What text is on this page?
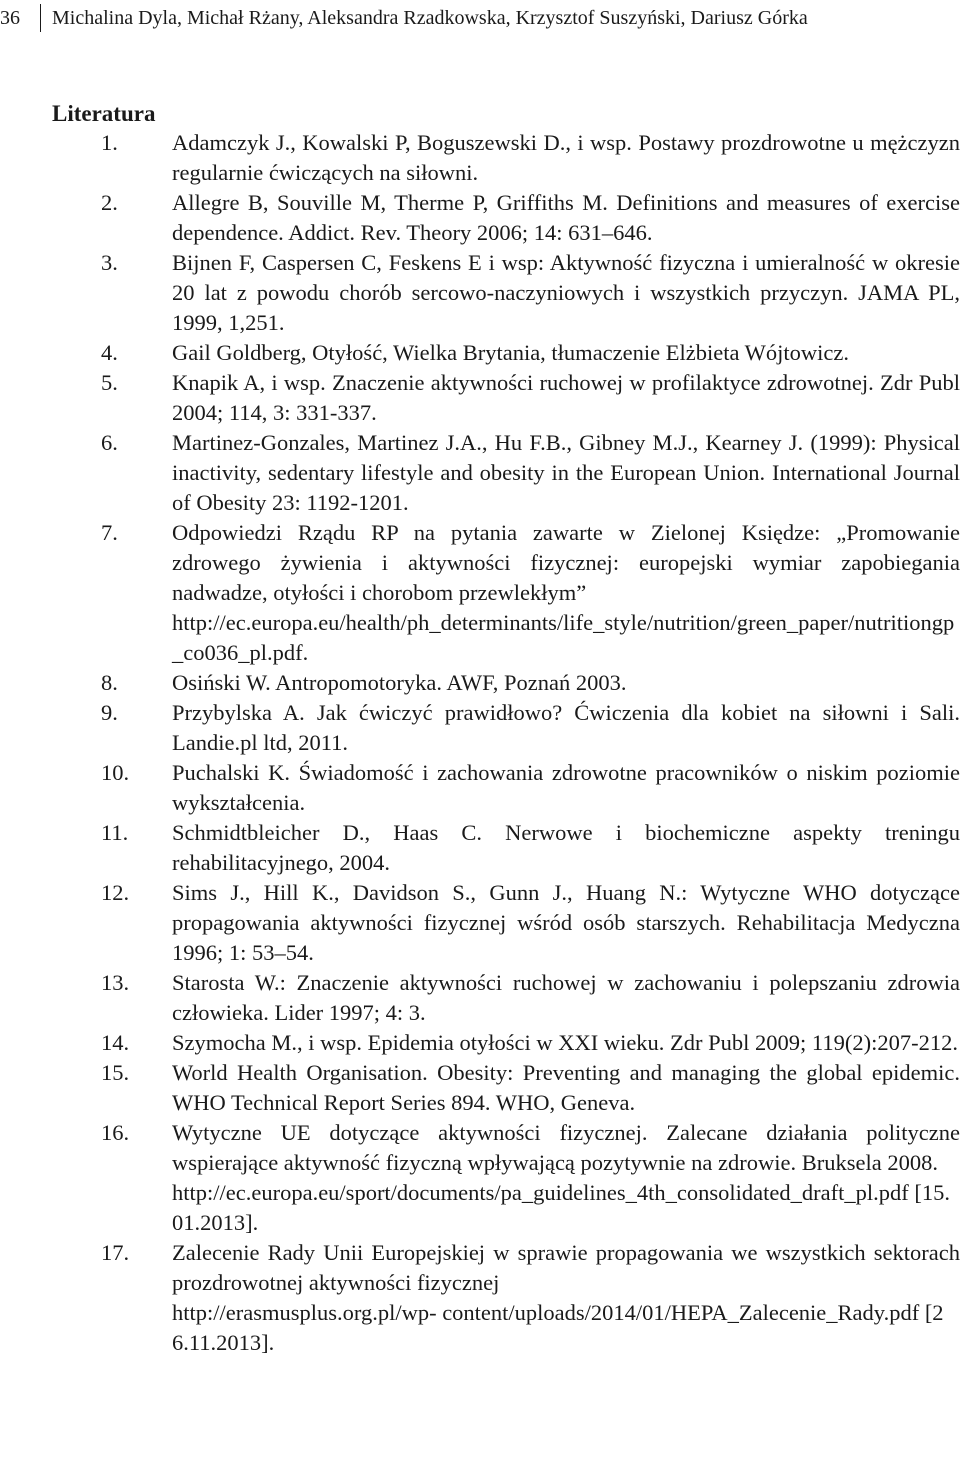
36 Michalina Dyla, Michał Rżany, Aleksandra Rzadkowska, Krzysztof Suszyński, Dariusz Górka
Literatura
1.	Adamczyk J., Kowalski P, Boguszewski D., i wsp. Postawy prozdrowotne u mężczyzn regularnie ćwiczących na siłowni.
2.	Allegre B, Souville M, Therme P, Griffiths M. Definitions and measures of exercise dependence. Addict. Rev. Theory 2006; 14: 631–646.
3.	Bijnen F, Caspersen C, Feskens E i wsp: Aktywność fizyczna i umieralność w okresie 20 lat z powodu chorób sercowo-naczyniowych i wszystkich przyczyn. JAMA PL, 1999, 1,251.
4.	Gail Goldberg, Otyłość, Wielka Brytania, tłumaczenie Elżbieta Wójtowicz.
5.	Knapik A, i wsp. Znaczenie aktywności ruchowej w profilaktyce zdrowotnej. Zdr Publ 2004; 114, 3: 331-337.
6.	Martinez-Gonzales, Martinez J.A., Hu F.B., Gibney M.J., Kearney J. (1999): Physical inactivity, sedentary lifestyle and obesity in the European Union. International Journal of Obesity 23: 1192-1201.
7.	Odpowiedzi Rządu RP na pytania zawarte w Zielonej Księdze: „Promowanie zdrowego żywienia i aktywności fizycznej: europejski wymiar zapobiegania nadwadze, otyłości i chorobom przewlekłym”
http://ec.europa.eu/health/ph_determinants/life_style/nutrition/green_paper/nutritiongp_co036_pl.pdf.
8.	Osiński W. Antropomotoryka. AWF, Poznań 2003.
9.	Przybylska A. Jak ćwiczyć prawidłowo? Ćwiczenia dla kobiet na siłowni i Sali. Landie.pl ltd, 2011.
10.	Puchalski K. Świadomość i zachowania zdrowotne pracowników o niskim poziomie wykształcenia.
11.	Schmidtbleicher D., Haas C. Nerwowe i biochemiczne aspekty treningu rehabilitacyjnego, 2004.
12.	Sims J., Hill K., Davidson S., Gunn J., Huang N.: Wytyczne WHO dotyczące propagowania aktywności fizycznej wśród osób starszych. Rehabilitacja Medyczna 1996; 1: 53–54.
13.	Starosta W.: Znaczenie aktywności ruchowej w zachowaniu i polepszaniu zdrowia człowieka. Lider 1997; 4: 3.
14.	Szymocha M., i wsp. Epidemia otyłości w XXI wieku. Zdr Publ 2009; 119(2):207-212.
15.	World Health Organisation. Obesity: Preventing and managing the global epidemic. WHO Technical Report Series 894. WHO, Geneva.
16.	Wytyczne UE dotyczące aktywności fizycznej. Zalecane działania polityczne wspierające aktywność fizyczną wpływającą pozytywnie na zdrowie. Bruksela 2008.
http://ec.europa.eu/sport/documents/pa_guidelines_4th_consolidated_draft_pl.pdf [15.01.2013].
17.	Zalecenie Rady Unii Europejskiej w sprawie propagowania we wszystkich sektorach prozdrowotnej aktywności fizycznej
http://erasmusplus.org.pl/wp- content/uploads/2014/01/HEPA_Zalecenie_Rady.pdf [26.11.2013].
